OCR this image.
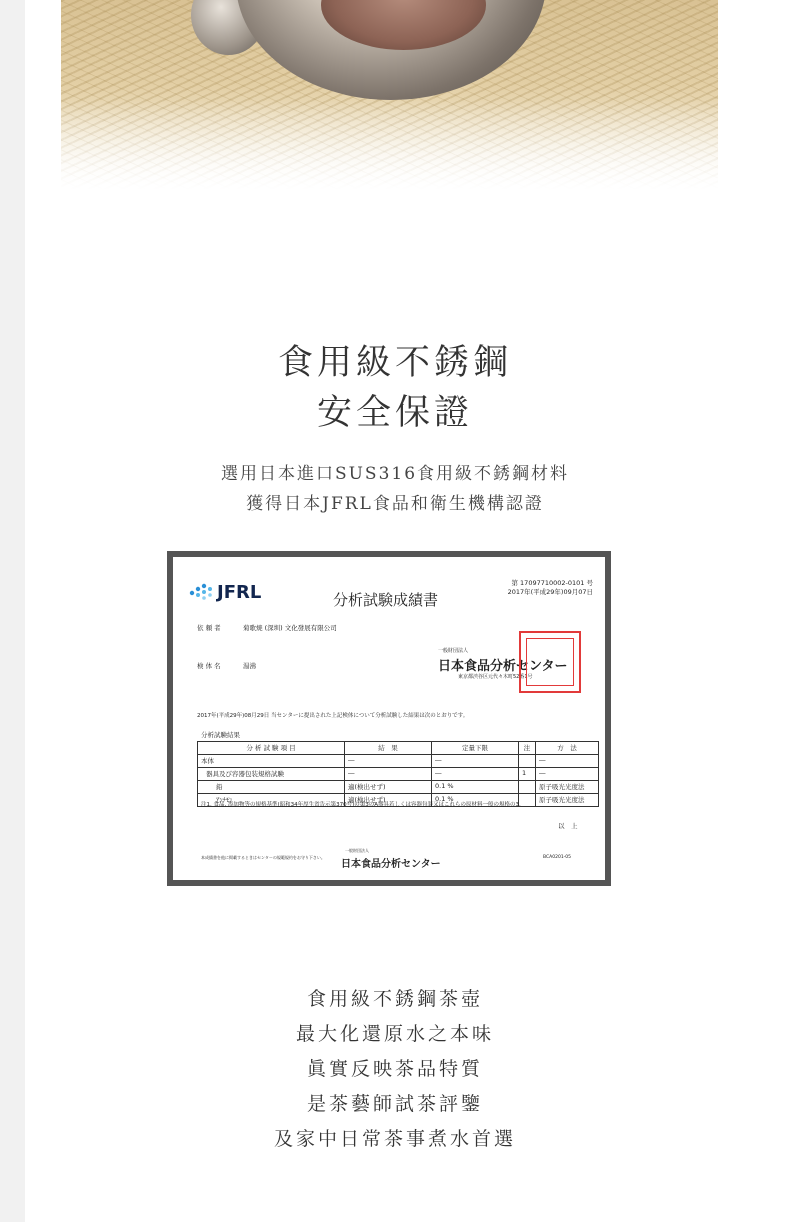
食用級不銹鋼
安全保證

選用日本進口SUS316食用級不銹鋼材料

獲得日本JFRL食品和衛生機構認證

JFRL	分析試験成績書
第 17097710002-0101 号
2017年(平成29年)09月07日
依 頼 者	菊歌焼 (深圳) 文化發展有限公司
検 体 名	湯沸
一般財団法人
日本食品分析センター
東京都渋谷区元代々木町52番1号
2017年(平成29年)08月29日 当センターに提出された上記検体について分析試験した結果は次のとおりです。
分析試験結果
分 析 試 験 項 目	結　果	定量下限	注	方　法
本体	―	―		―
器具及び容器包装規格試験	―	―	1	―
鉛	適(検出せず)	0.1 %		原子吸光光度法
ｱﾝﾁﾓﾝ	適(検出せず)	0.1 %		原子吸光光度法
注1. 食品, 添加物等の規格基準(昭和34年厚生省告示第370号)の第3のA器具若しくは容器包装又はこれらの原材料一般の規格の3.
以　上
本成績書を他に掲載するときはセンターの規範規約をお守り下さい。
一般財団法人
日本食品分析センター
BCA0201-05

食用級不銹鋼茶壺

最大化還原水之本味

眞實反映茶品特質

是茶藝師試茶評鑒

及家中日常茶事煮水首選
